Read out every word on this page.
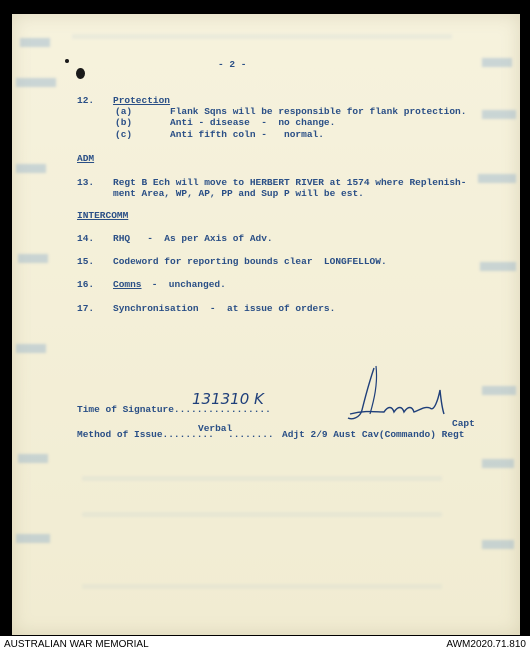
- 2 -
12. Protection
(a)	Flank Sqns will be responsible for flank protection.
(b)	Anti - disease  -  no change.
(c)	Anti fifth coln -   normal.
ADM
13. Regt B Ech will move to HERBERT RIVER at 1574 where Replenish-
ment Area, WP, AP, PP and Sup P will be est.
INTERCOMM
14. RHQ   -  As per Axis of Adv.
15. Codeword for reporting bounds clear  LONGFELLOW.
16. Comns -  unchanged.
17. Synchronisation  -  at issue of orders.
Time of Signature.................
131310 K
Method of Issue.........
Verbal
........
Capt
Adjt 2/9 Aust Cav(Commando) Regt
AUSTRALIAN WAR MEMORIAL	AWM2020.71.810
